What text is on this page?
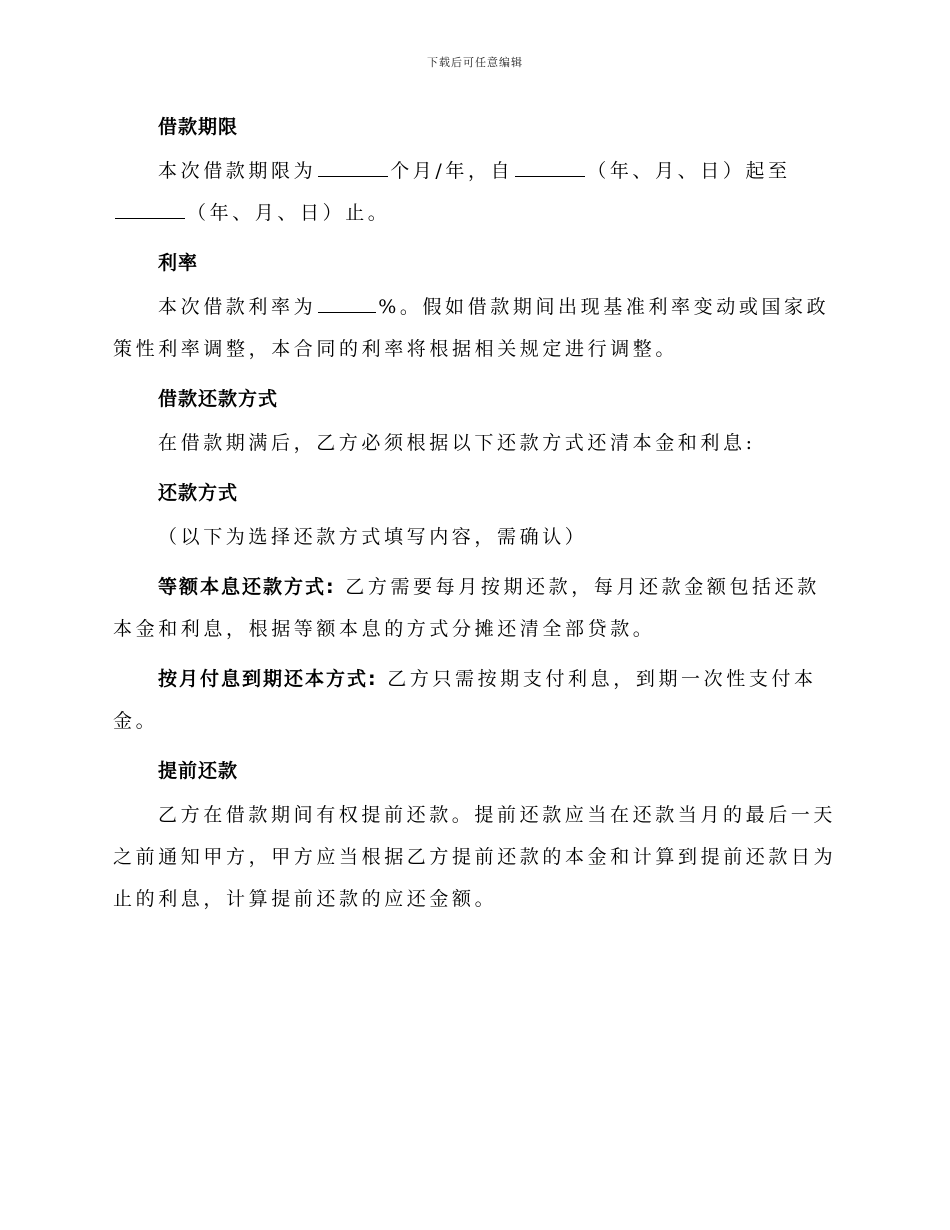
下载后可任意编辑
借款期限

本次借款期限为	个月/年，自	（年、月、日）起至（年、月、日）止。

利率

本次借款利率为	%。假如借款期间出现基准利率变动或国家政策性利率调整，本合同的利率将根据相关规定进行调整。

借款还款方式

在借款期满后，乙方必须根据以下还款方式还清本金和利息:

还款方式

（以下为选择还款方式填写内容，需确认）

等额本息还款方式: 乙方需要每月按期还款，每月还款金额包括还款本金和利息，根据等额本息的方式分摊还清全部贷款。

按月付息到期还本方式: 乙方只需按期支付利息，到期一次性支付本金。

提前还款

乙方在借款期间有权提前还款。提前还款应当在还款当月的最后一天之前通知甲方，甲方应当根据乙方提前还款的本金和计算到提前还款日为止的利息，计算提前还款的应还金额。
